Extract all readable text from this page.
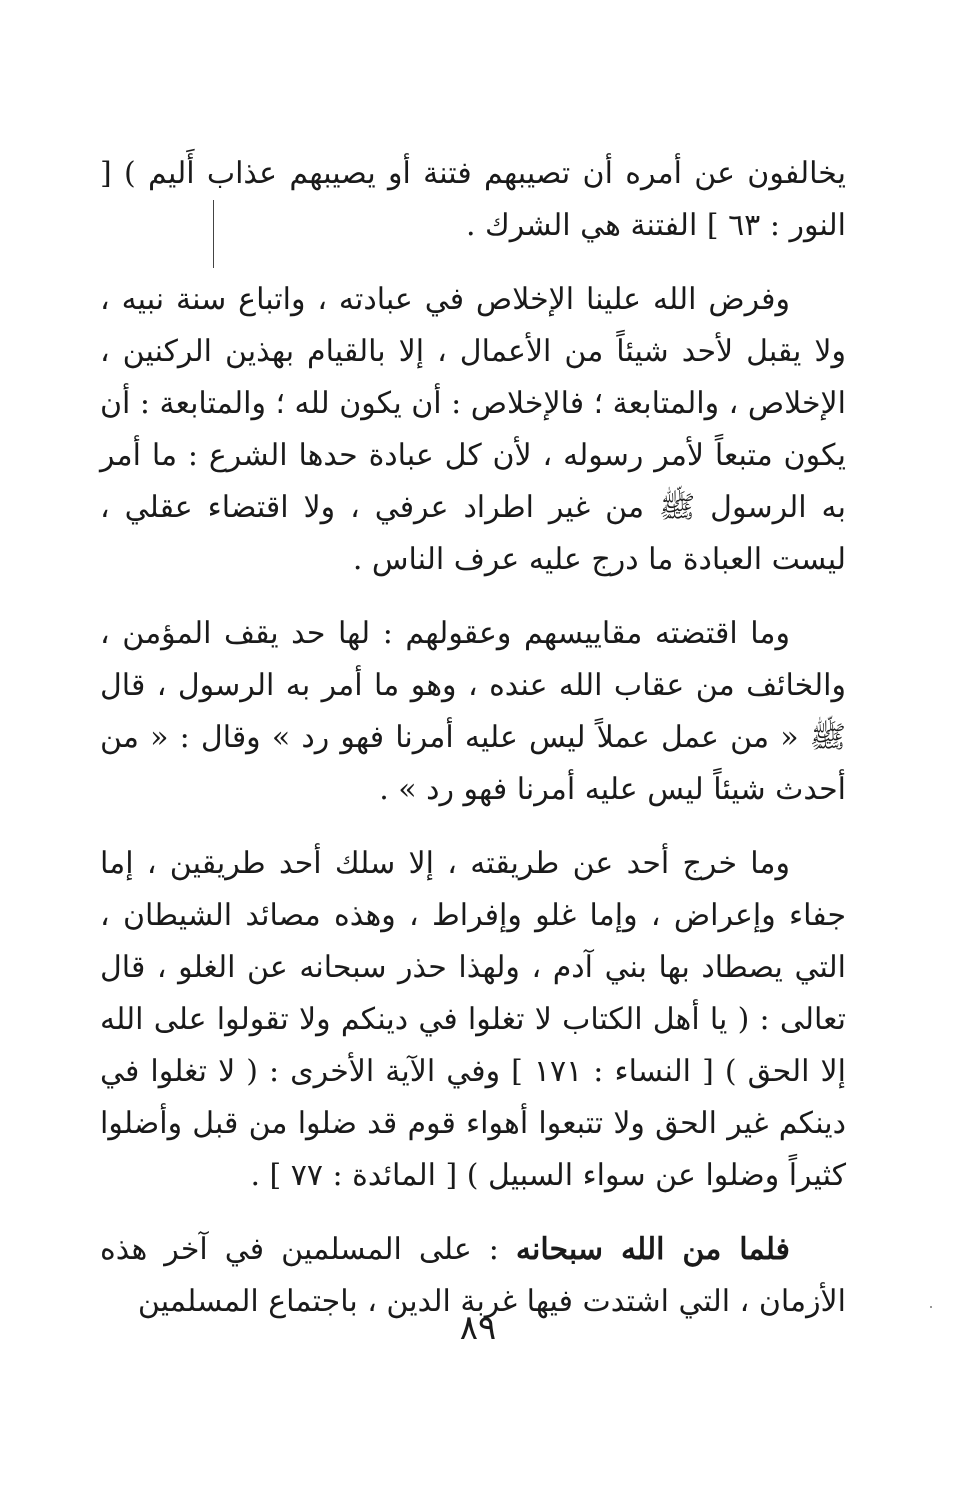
يخالفون عن أمره أن تصيبهم فتنة أو يصيبهم عذاب أَليم ) [ النور : ٦٣ ] الفتنة هي الشرك .

وفرض الله علينا الإخلاص في عبادته ، واتباع سنة نبيه ، ولا يقبل لأحد شيئاً من الأعمال ، إلا بالقيام بهذين الركنين ، الإخلاص ، والمتابعة ؛ فالإخلاص : أن يكون لله ؛ والمتابعة : أن يكون متبعاً لأمر رسوله ، لأن كل عبادة حدها الشرع : ما أمر به الرسول ﷺ من غير اطراد عرفي ، ولا اقتضاء عقلي ، ليست العبادة ما درج عليه عرف الناس .

وما اقتضته مقاييسهم وعقولهم : لها حد يقف المؤمن ، والخائف من عقاب الله عنده ، وهو ما أمر به الرسول ، قال ﷺ « من عمل عملاً ليس عليه أمرنا فهو رد » وقال : « من أحدث شيئاً ليس عليه أمرنا فهو رد » .

وما خرج أحد عن طريقته ، إلا سلك أحد طريقين ، إما جفاء وإعراض ، وإما غلو وإفراط ، وهذه مصائد الشيطان ، التي يصطاد بها بني آدم ، ولهذا حذر سبحانه عن الغلو ، قال تعالى : ( يا أهل الكتاب لا تغلوا في دينكم ولا تقولوا على الله إلا الحق ) [ النساء : ١٧١ ] وفي الآية الأخرى : ( لا تغلوا في دينكم غير الحق ولا تتبعوا أهواء قوم قد ضلوا من قبل وأضلوا كثيراً وضلوا عن سواء السبيل ) [ المائدة : ٧٧ ] .

فلما من الله سبحانه : على المسلمين في آخر هذه الأزمان ، التي اشتدت فيها غربة الدين ، باجتماع المسلمين

٨٩
